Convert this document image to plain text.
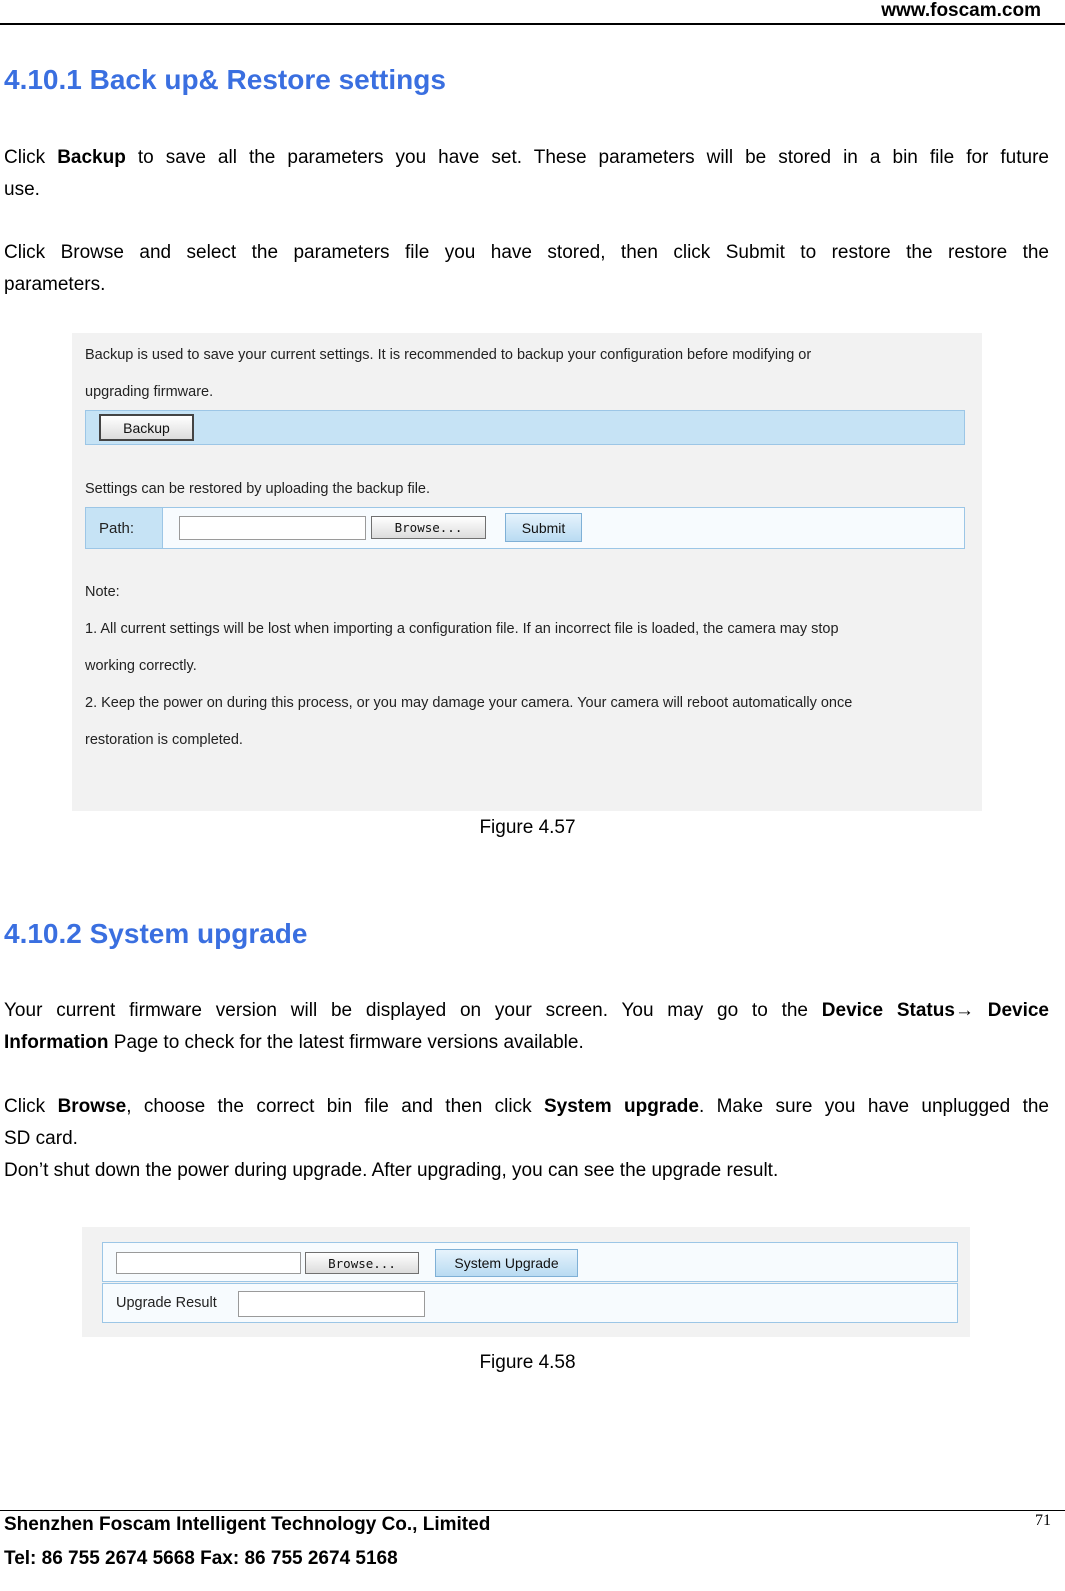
www.foscam.com
4.10.1 Back up& Restore settings
Click Backup to save all the parameters you have set. These parameters will be stored in a bin file for future
use.
Click Browse and select the parameters file you have stored, then click Submit to restore the restore the
parameters.
Backup is used to save your current settings. It is recommended to backup your configuration before modifying or
upgrading firmware.
Backup
Settings can be restored by uploading the backup file.
Path:	Browse...	Submit
Note:
1. All current settings will be lost when importing a configuration file. If an incorrect file is loaded, the camera may stop
working correctly.
2. Keep the power on during this process, or you may damage your camera. Your camera will reboot automatically once
restoration is completed.
Figure 4.57
4.10.2 System upgrade
Your current firmware version will be displayed on your screen. You may go to the Device Status→ Device
Information Page to check for the latest firmware versions available.
Click Browse, choose the correct bin file and then click System upgrade. Make sure you have unplugged the
SD card.
Don’t shut down the power during upgrade. After upgrading, you can see the upgrade result.
Browse...	System Upgrade
Upgrade Result
Figure 4.58
Shenzhen Foscam Intelligent Technology Co., Limited
Tel: 86 755 2674 5668 Fax: 86 755 2674 5168
71
